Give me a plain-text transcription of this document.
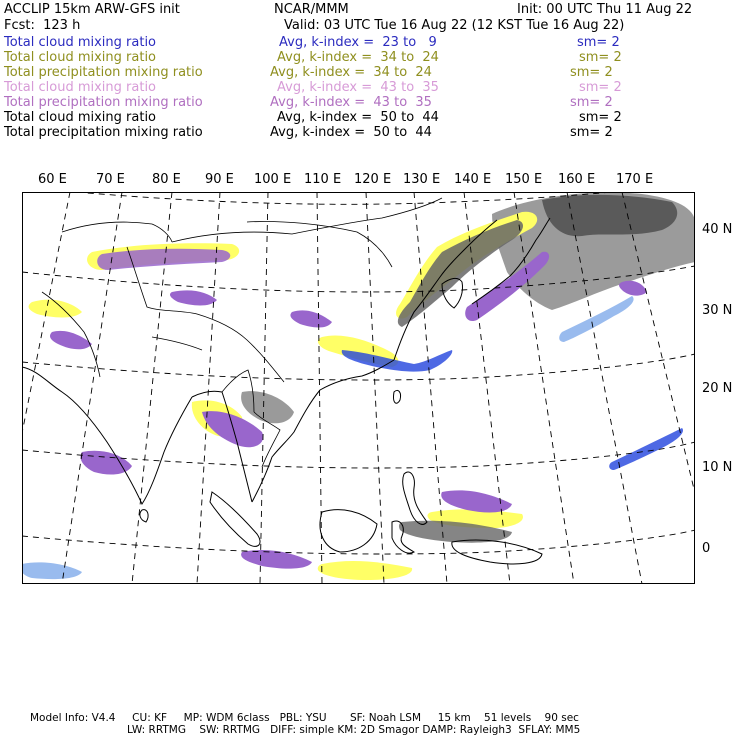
ACCLIP 15km ARW-GFS init	NCAR/MMM	Init: 00 UTC Thu 11 Aug 22
Fcst:  123 h	Valid: 03 UTC Tue 16 Aug 22 (12 KST Tue 16 Aug 22)
Total cloud mixing ratio	Avg, k-index =  23 to   9	sm= 2
Total cloud mixing ratio	Avg, k-index =  34 to  24	sm= 2
Total precipitation mixing ratio	Avg, k-index =  34 to  24	sm= 2
Total cloud mixing ratio	Avg, k-index =  43 to  35	sm= 2
Total precipitation mixing ratio	Avg, k-index =  43 to  35	sm= 2
Total cloud mixing ratio	Avg, k-index =  50 to  44	sm= 2
Total precipitation mixing ratio	Avg, k-index =  50 to  44	sm= 2
60 E 70 E 80 E 90 E 100 E 110 E 120 E 130 E 140 E 150 E 160 E 170 E
40 N
30 N
20 N
10 N
0
Model Info: V4.4     CU: KF     MP: WDM 6class   PBL: YSU       SF: Noah LSM     15 km    51 levels    90 sec
LW: RRTMG    SW: RRTMG   DIFF: simple KM: 2D Smagor DAMP: Rayleigh3  SFLAY: MM5
